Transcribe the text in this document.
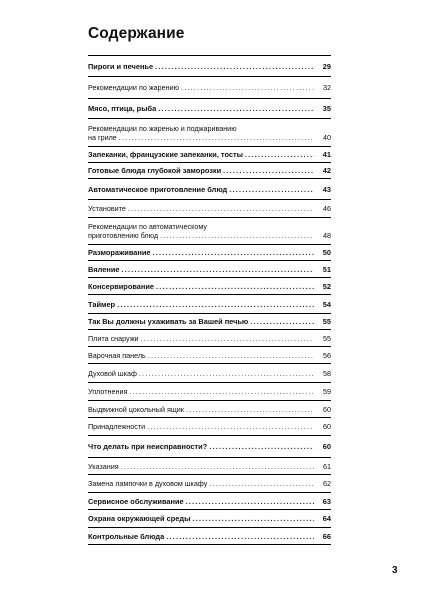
Содержание
Пироги и печенье .....	29
Рекомендации по жарению .....	32
Мясо, птица, рыба .....	35
Рекомендации по жаренью и поджариванию
на гриле .....	40
Запеканки, французские запеканки, тосты .....	41
Готовые блюда глубокой заморозки .....	42
Автоматическое приготовление блюд .....	43
Установите .....	46
Рекомендации по автоматическому
приготовлению блюд .....	48
Размораживание .....	50
Вяление .....	51
Консервирование .....	52
Таймер .....	54
Так Вы должны ухаживать за Вашей печью .....	55
Плита снаружи .....	55
Варочная панель .....	56
Духовой шкаф .....	58
Уплотнения .....	59
Выдвижной цокольный ящик .....	60
Принадлежности .....	60
Что делать при неисправности? .....	60
Указания .....	61
Замена лампочки в духовом шкафу .....	62
Сервисное обслуживание .....	63
Охрана окружающей среды .....	64
Контрольные блюда .....	66

3
